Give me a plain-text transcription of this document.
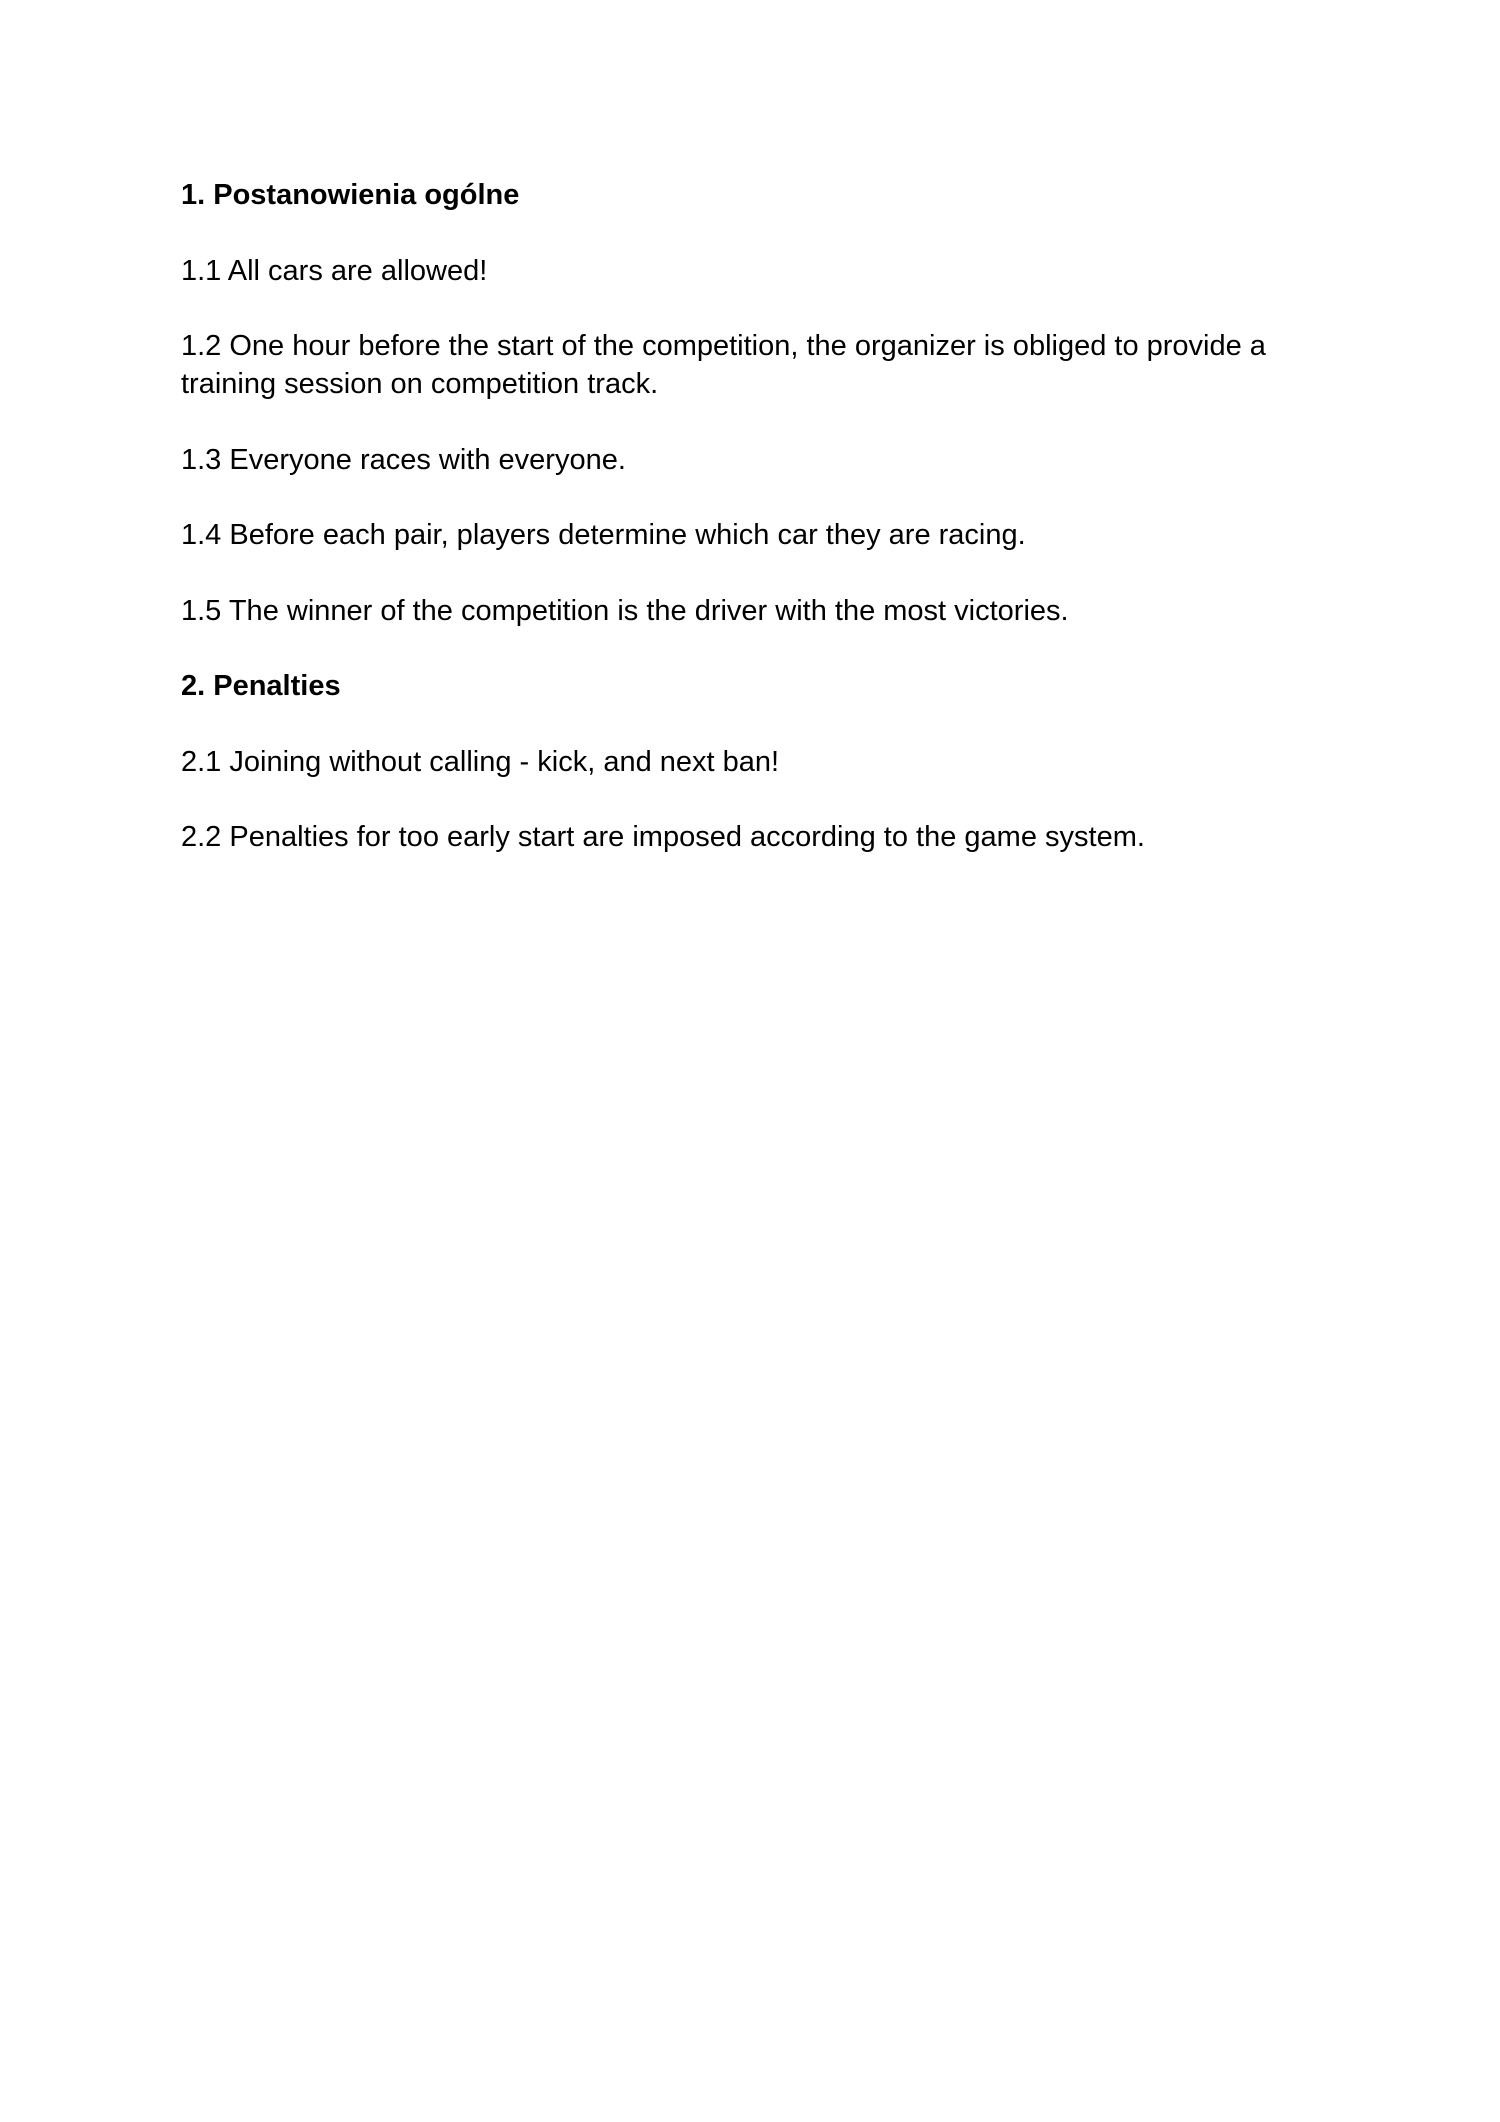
1. Postanowienia ogólne

1.1 All cars are allowed!

1.2 One hour before the start of the competition, the organizer is obliged to provide a training session on competition track.

1.3 Everyone races with everyone.

1.4 Before each pair, players determine which car they are racing.

1.5 The winner of the competition is the driver with the most victories.

2. Penalties

2.1 Joining without calling - kick, and next ban!

2.2 Penalties for too early start are imposed according to the game system.
